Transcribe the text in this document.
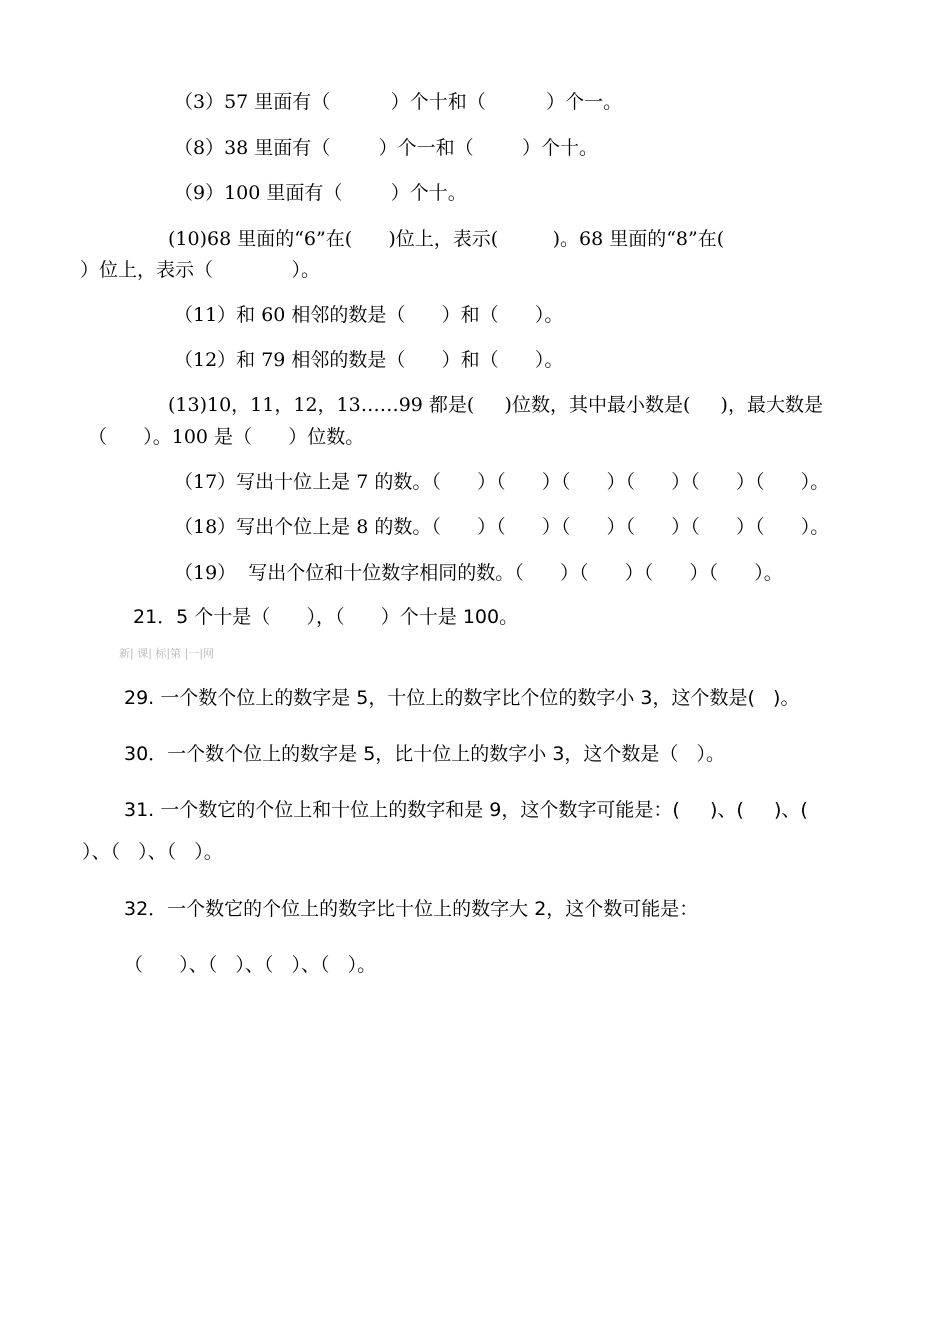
（3）57 里面有（          ）个十和（          ）个一。

（8）38 里面有（        ）个一和（        ）个十。

（9）100 里面有（        ）个十。

(10)68 里面的“6”在(      )位上，表示(         )。68 里面的“8”在(

）位上，表示（             ）。

（11）和 60 相邻的数是（      ）和（      ）。

（12）和 79 相邻的数是（      ）和（      ）。

(13)10，11，12，13……99 都是(     )位数，其中最小数是(     )，最大数是

（      ）。100 是（      ）位数。

（17）写出十位上是 7 的数。（      ）（      ）（      ）（      ）（      ）（      ）。

（18）写出个位上是 8 的数。（      ）（      ）（      ）（      ）（      ）（      ）。

（19）  写出个位和十位数字相同的数。（      ）（      ）（      ）（      ）。

21．5 个十是（      ），（      ）个十是 100。

新| 课| 标|第 |一|网

29. 一个数个位上的数字是 5，十位上的数字比个位的数字小 3，这个数是(   )。

30．一个数个位上的数字是 5，比十位上的数字小 3，这个数是（   ）。

31. 一个数它的个位上和十位上的数字和是 9，这个数字可能是：(     )、(     )、(

）、（   ）、（   ）。

32．一个数它的个位上的数字比十位上的数字大 2，这个数可能是：

（      ）、（   ）、（   ）、（   ）。
